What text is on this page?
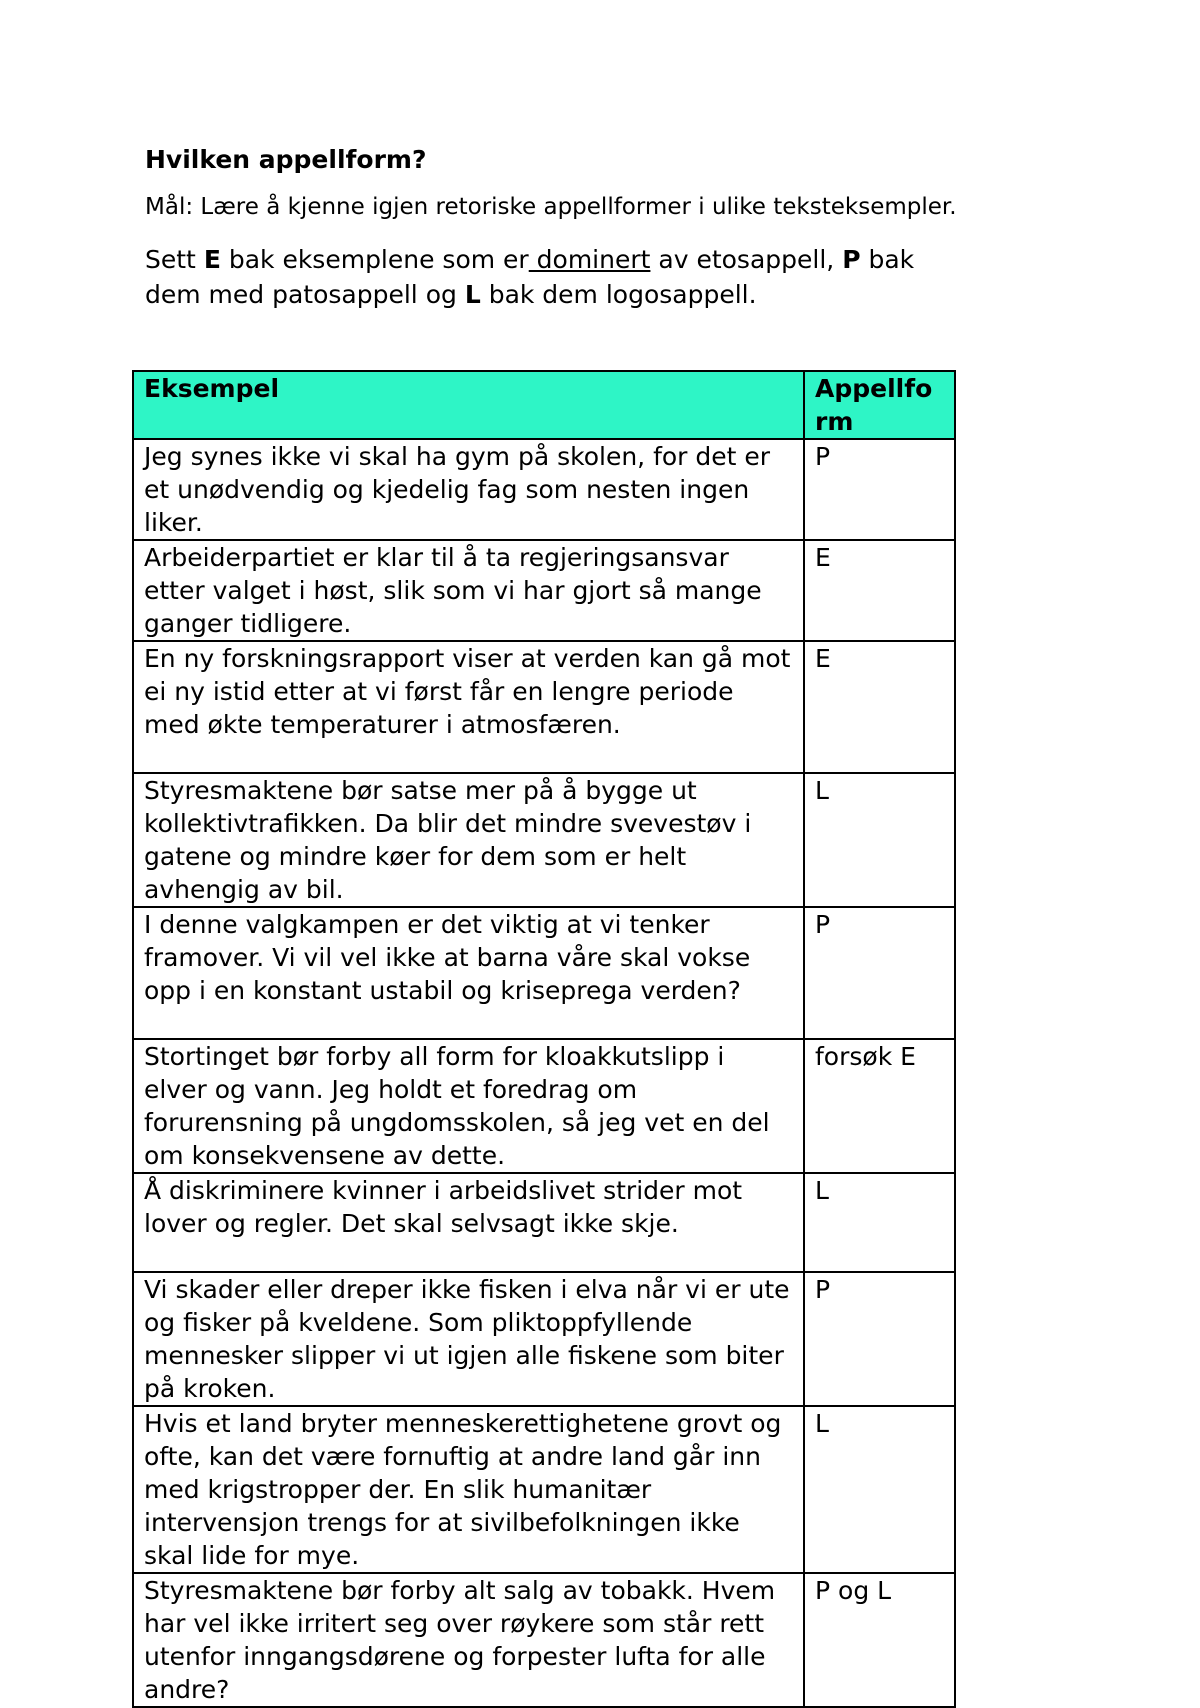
Hvilken appellform?
Mål: Lære å kjenne igjen retoriske appellformer i ulike teksteksempler.
Sett E bak eksemplene som er dominert av etosappell, P bak
dem med patosappell og L bak dem logosappell.
Eksempel	Appellform
Jeg synes ikke vi skal ha gym på skolen, for det er et unødvendig og kjedelig fag som nesten ingen liker.	P
Arbeiderpartiet er klar til å ta regjeringsansvar etter valget i høst, slik som vi har gjort så mange ganger tidligere.	E
En ny forskningsrapport viser at verden kan gå mot ei ny istid etter at vi først får en lengre periode med økte temperaturer i atmosfæren.	E
Styresmaktene bør satse mer på å bygge ut kollektivtrafikken. Da blir det mindre svevestøv i gatene og mindre køer for dem som er helt avhengig av bil.	L
I denne valgkampen er det viktig at vi tenker framover. Vi vil vel ikke at barna våre skal vokse opp i en konstant ustabil og kriseprega verden?	P
Stortinget bør forby all form for kloakkutslipp i elver og vann. Jeg holdt et foredrag om forurensning på ungdomsskolen, så jeg vet en del om konsekvensene av dette.	forsøk E
Å diskriminere kvinner i arbeidslivet strider mot lover og regler. Det skal selvsagt ikke skje.	L
Vi skader eller dreper ikke fisken i elva når vi er ute og fisker på kveldene. Som pliktoppfyllende mennesker slipper vi ut igjen alle fiskene som biter på kroken.	P
Hvis et land bryter menneskerettighetene grovt og ofte, kan det være fornuftig at andre land går inn med krigstropper der. En slik humanitær intervensjon trengs for at sivilbefolkningen ikke skal lide for mye.	L
Styresmaktene bør forby alt salg av tobakk. Hvem har vel ikke irritert seg over røykere som står rett utenfor inngangsdørene og forpester lufta for alle andre?	P og L
